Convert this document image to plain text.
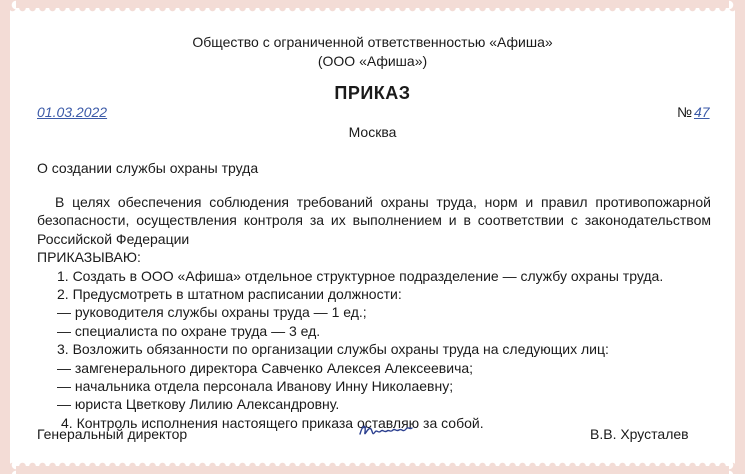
Общество с ограниченной ответственностью «Афиша»
(ООО «Афиша»)
ПРИКАЗ
01.03.2022	№ 47
Москва
О создании службы охраны труда

В целях обеспечения соблюдения требований охраны труда, норм и правил противопожарной безопасности, осуществления контроля за их выполнением и в соответствии с законодательством Российской Федерации

ПРИКАЗЫВАЮ:

1. Создать в ООО «Афиша» отдельное структурное подразделение — службу охраны труда.

2. Предусмотреть в штатном расписании должности:

— руководителя службы охраны труда — 1 ед.;

— специалиста по охране труда — 3 ед.

3. Возложить обязанности по организации службы охраны труда на следующих лиц:

— замгенерального директора Савченко Алексея Алексеевича;

— начальника отдела персонала Иванову Инну Николаевну;

— юриста Цветкову Лилию Александровну.

4. Контроль исполнения настоящего приказа оставляю за собой.

Генеральный директор	В.В. Хрусталев
